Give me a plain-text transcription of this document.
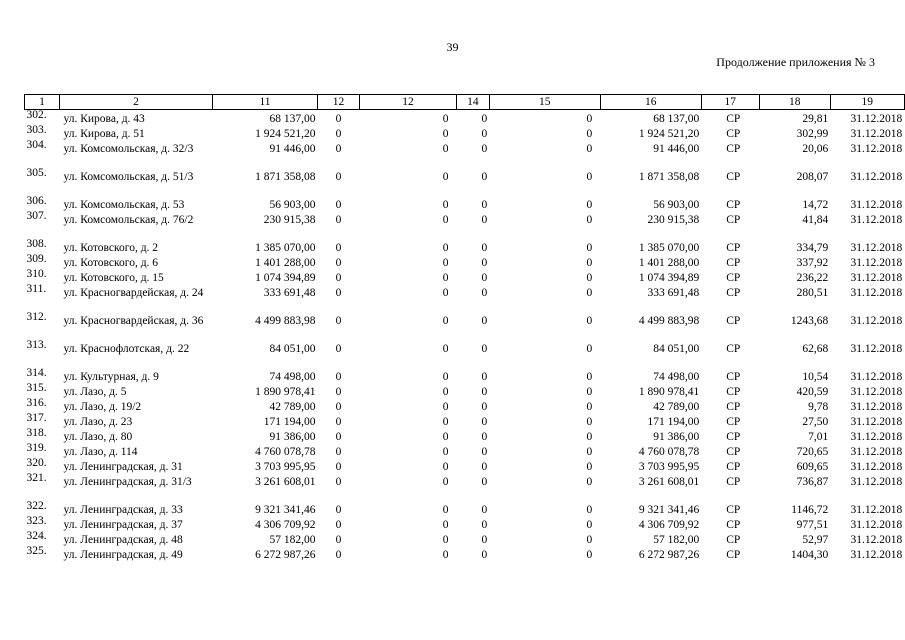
39
Продолжение приложения № 3
1	2	11	12	12	14	15	16	17	18	19
302.	ул. Кирова, д. 43	68 137,00	0	0	0	0	68 137,00	СР	29,81	31.12.2018
303.	ул. Кирова, д. 51	1 924 521,20	0	0	0	0	1 924 521,20	СР	302,99	31.12.2018
304.	ул. Комсомольская, д. 32/3	91 446,00	0	0	0	0	91 446,00	СР	20,06	31.12.2018
305.	ул. Комсомольская, д. 51/3	1 871 358,08	0	0	0	0	1 871 358,08	СР	208,07	31.12.2018
306.	ул. Комсомольская, д. 53	56 903,00	0	0	0	0	56 903,00	СР	14,72	31.12.2018
307.	ул. Комсомольская, д. 76/2	230 915,38	0	0	0	0	230 915,38	СР	41,84	31.12.2018
308.	ул. Котовского, д. 2	1 385 070,00	0	0	0	0	1 385 070,00	СР	334,79	31.12.2018
309.	ул. Котовского, д. 6	1 401 288,00	0	0	0	0	1 401 288,00	СР	337,92	31.12.2018
310.	ул. Котовского, д. 15	1 074 394,89	0	0	0	0	1 074 394,89	СР	236,22	31.12.2018
311.	ул. Красногвардейская, д. 24	333 691,48	0	0	0	0	333 691,48	СР	280,51	31.12.2018
312.	ул. Красногвардейская, д. 36	4 499 883,98	0	0	0	0	4 499 883,98	СР	1243,68	31.12.2018
313.	ул. Краснофлотская, д. 22	84 051,00	0	0	0	0	84 051,00	СР	62,68	31.12.2018
314.	ул. Культурная, д. 9	74 498,00	0	0	0	0	74 498,00	СР	10,54	31.12.2018
315.	ул. Лазо, д. 5	1 890 978,41	0	0	0	0	1 890 978,41	СР	420,59	31.12.2018
316.	ул. Лазо, д. 19/2	42 789,00	0	0	0	0	42 789,00	СР	9,78	31.12.2018
317.	ул. Лазо, д. 23	171 194,00	0	0	0	0	171 194,00	СР	27,50	31.12.2018
318.	ул. Лазо, д. 80	91 386,00	0	0	0	0	91 386,00	СР	7,01	31.12.2018
319.	ул. Лазо, д. 114	4 760 078,78	0	0	0	0	4 760 078,78	СР	720,65	31.12.2018
320.	ул. Ленинградская, д. 31	3 703 995,95	0	0	0	0	3 703 995,95	СР	609,65	31.12.2018
321.	ул. Ленинградская, д. 31/3	3 261 608,01	0	0	0	0	3 261 608,01	СР	736,87	31.12.2018
322.	ул. Ленинградская, д. 33	9 321 341,46	0	0	0	0	9 321 341,46	СР	1146,72	31.12.2018
323.	ул. Ленинградская, д. 37	4 306 709,92	0	0	0	0	4 306 709,92	СР	977,51	31.12.2018
324.	ул. Ленинградская, д. 48	57 182,00	0	0	0	0	57 182,00	СР	52,97	31.12.2018
325.	ул. Ленинградская, д. 49	6 272 987,26	0	0	0	0	6 272 987,26	СР	1404,30	31.12.2018
